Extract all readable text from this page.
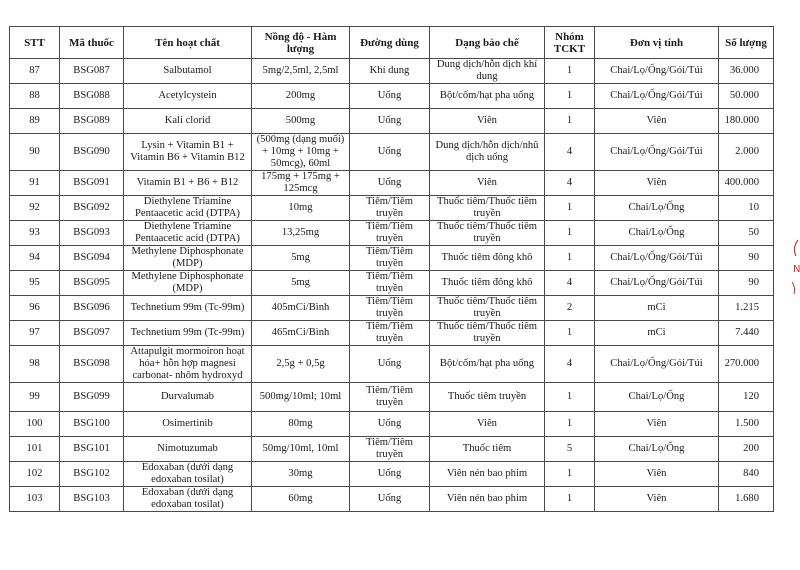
STT	Mã thuốc	Tên hoạt chất	Nồng độ - Hàm lượng	Đường dùng	Dạng bào chế	Nhóm TCKT	Đơn vị tính	Số lượng
87	BSG087	Salbutamol	5mg/2,5ml, 2,5ml	Khí dung	Dung dịch/hỗn dịch khí dung	1	Chai/Lọ/Ống/Gói/Túi	36.000
88	BSG088	Acetylcystein	200mg	Uống	Bột/cốm/hạt pha uống	1	Chai/Lọ/Ống/Gói/Túi	50.000
89	BSG089	Kali clorid	500mg	Uống	Viên	1	Viên	180.000
90	BSG090	Lysin + Vitamin B1 + Vitamin B6 + Vitamin B12	(500mg (dạng muối) + 10mg + 10mg + 50mcg), 60ml	Uống	Dung dịch/hỗn dịch/nhũ dịch uống	4	Chai/Lọ/Ống/Gói/Túi	2.000
91	BSG091	Vitamin B1 + B6 + B12	175mg + 175mg + 125mcg	Uống	Viên	4	Viên	400.000
92	BSG092	Diethylene Triamine Pentaacetic acid (DTPA)	10mg	Tiêm/Tiêm truyền	Thuốc tiêm/Thuốc tiêm truyền	1	Chai/Lọ/Ống	10
93	BSG093	Diethylene Triamine Pentaacetic acid (DTPA)	13,25mg	Tiêm/Tiêm truyền	Thuốc tiêm/Thuốc tiêm truyền	1	Chai/Lọ/Ống	50
94	BSG094	Methylene Diphosphonate (MDP)	5mg	Tiêm/Tiêm truyền	Thuốc tiêm đông khô	1	Chai/Lọ/Ống/Gói/Túi	90
95	BSG095	Methylene Diphosphonate (MDP)	5mg	Tiêm/Tiêm truyền	Thuốc tiêm đông khô	4	Chai/Lọ/Ống/Gói/Túi	90
96	BSG096	Technetium 99m (Tc-99m)	405mCi/Bình	Tiêm/Tiêm truyền	Thuốc tiêm/Thuốc tiêm truyền	2	mCi	1.215
97	BSG097	Technetium 99m (Tc-99m)	465mCi/Bình	Tiêm/Tiêm truyền	Thuốc tiêm/Thuốc tiêm truyền	1	mCi	7.440
98	BSG098	Attapulgit mormoiron hoạt hóa+ hỗn hợp magnesi carbonat- nhôm hydroxyd	2,5g + 0,5g	Uống	Bột/cốm/hạt pha uống	4	Chai/Lọ/Ống/Gói/Túi	270.000
99	BSG099	Durvalumab	500mg/10ml; 10ml	Tiêm/Tiêm truyền	Thuốc tiêm truyền	1	Chai/Lọ/Ống	120
100	BSG100	Osimertinib	80mg	Uống	Viên	1	Viên	1.500
101	BSG101	Nimotuzumab	50mg/10ml, 10ml	Tiêm/Tiêm truyền	Thuốc tiêm	5	Chai/Lọ/Ống	200
102	BSG102	Edoxaban (dưới dạng edoxaban tosilat)	30mg	Uống	Viên nén bao phim	1	Viên	840
103	BSG103	Edoxaban (dưới dạng edoxaban tosilat)	60mg	Uống	Viên nén bao phim	1	Viên	1.680
N
